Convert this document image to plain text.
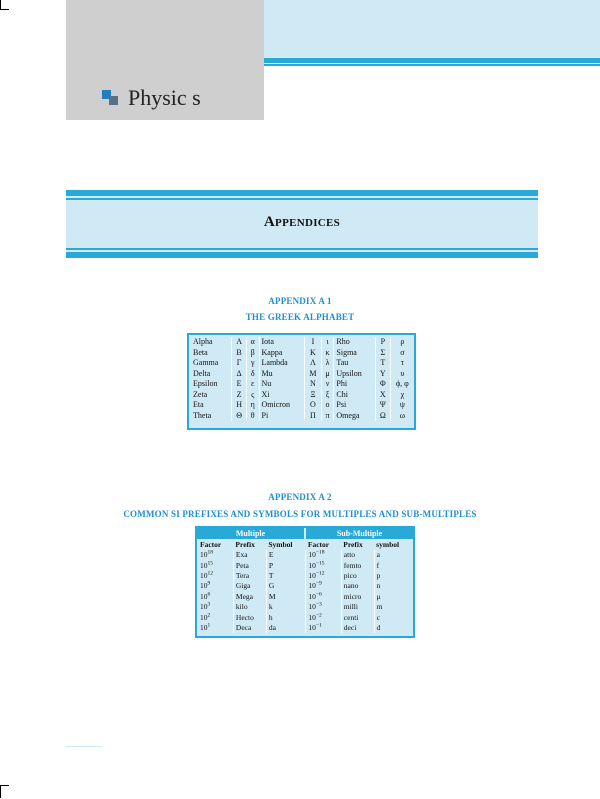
Physic s
APPENDICES
APPENDIX A 1
THE GREEK ALPHABET
Alpha	Α	α	Iota	Ι	ι	Rho	Ρ	ρ
Beta	Β	β	Kappa	Κ	κ	Sigma	Σ	σ
Gamma	Γ	γ	Lambda	Λ	λ	Tau	Τ	τ
Delta	Δ	δ	Mu	Μ	μ	Upsilon	Υ	υ
Epsilon	Ε	ε	Nu	Ν	ν	Phi	Φ	ϕ, φ
Zeta	Ζ	ς	Xi	Ξ	ξ	Chi	Χ	χ
Eta	Η	η	Omicron	Ο	ο	Psi	Ψ	ψ
Theta	Θ	θ	Pi	Π	π	Omega	Ω	ω
APPENDIX A 2
COMMON SI PREFIXES AND SYMBOLS FOR MULTIPLES AND SUB-MULTIPLES
Multiple	Sub-Multiple
Factor	Prefix	Symbol	Factor	Prefix	symbol
$10^{18}$	Exa	E	$10^{-18}$	atto	a
$10^{15}$	Peta	P	$10^{-15}$	femto	f
$10^{12}$	Tera	T	$10^{-12}$	pico	p
$10^9$	Giga	G	$10^{-9}$	nano	n
$10^6$	Mega	M	$10^{-6}$	micro	μ
$10^3$	kilo	k	$10^{-3}$	milli	m
$10^2$	Hecto	h	$10^{-2}$	centi	c
$10^1$	Deca	da	$10^{-1}$	deci	d
